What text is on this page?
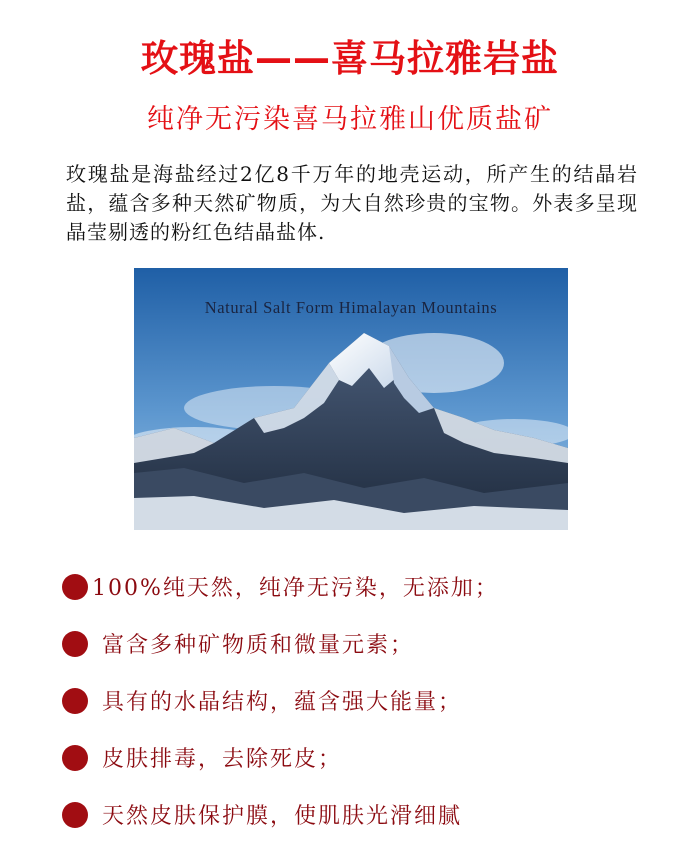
玫瑰盐——喜马拉雅岩盐
纯净无污染喜马拉雅山优质盐矿
玫瑰盐是海盐经过2亿8千万年的地壳运动，所产生的结晶岩盐，蕴含多种天然矿物质，为大自然珍贵的宝物。外表多呈现晶莹剔透的粉红色结晶盐体.
Natural Salt Form Himalayan Mountains
100%纯天然，纯净无污染，无添加；
富含多种矿物质和微量元素；
具有的水晶结构，蕴含强大能量；
皮肤排毒，去除死皮；
天然皮肤保护膜，使肌肤光滑细腻
